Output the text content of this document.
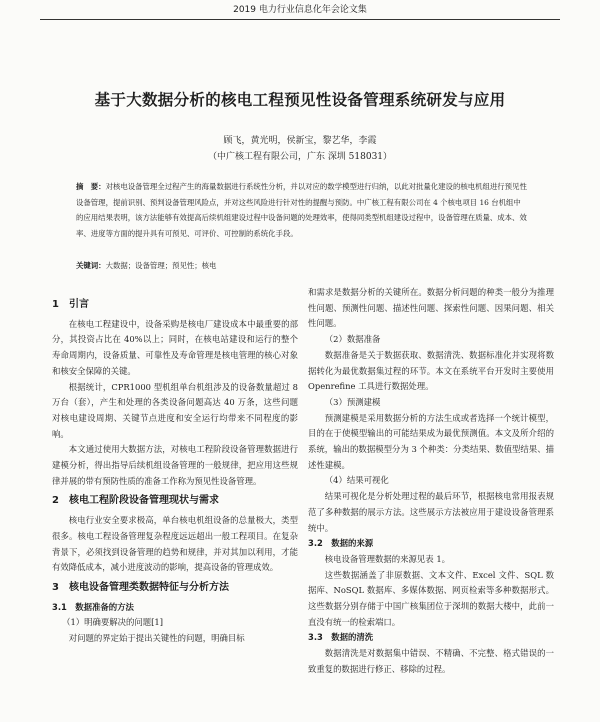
2019 电力行业信息化年会论文集
基于大数据分析的核电工程预见性设备管理系统研发与应用
顾飞，黄光明，侯新宝，黎艺华，李霞
（中广核工程有限公司，广东 深圳 518031）
摘　要：对核电设备管理全过程产生的海量数据进行系统性分析，并以对应的数学模型进行归纳，以此对批量化建设的核电机组进行预见性设备管理，提前识别、预判设备管理风险点，并对这些风险进行针对性的提醒与预防。中广核工程有限公司在 4 个核电项目 16 台机组中的应用结果表明，该方法能够有效提高后续机组建设过程中设备问题的处理效率，使得同类型机组建设过程中，设备管理在质量、成本、效率、进度等方面的提升具有可预见、可评价、可控制的系统化手段。
关键词：大数据；设备管理；预见性；核电
1　引言

在核电工程建设中，设备采购是核电厂建设成本中最重要的部分，其投资占比在 40%以上；同时，在核电站建设和运行的整个寿命周期内，设备质量、可靠性及寿命管理是核电管理的核心对象和核安全保障的关键。

根据统计，CPR1000 型机组单台机组涉及的设备数量超过 8 万台（套），产生和处理的各类设备问题高达 40 万条，这些问题对核电建设周期、关键节点进度和安全运行均带来不同程度的影响。

本文通过使用大数据方法，对核电工程阶段设备管理数据进行建模分析，得出指导后续机组设备管理的一般规律，把应用这些规律并展的带有预防性质的准备工作称为预见性设备管理。

2　核电工程阶段设备管理现状与需求

核电行业安全要求极高，单台核电机组设备的总量极大，类型很多。核电工程设备管理复杂程度远远超出一般工程项目。在复杂背景下，必须找到设备管理的趋势和规律，并对其加以利用，才能有效降低成本，减小进度波动的影响，提高设备的管理成效。

3　核电设备管理类数据特征与分析方法
3.1　数据准备的方法

（1）明确要解决的问题[1]

对问题的界定始于提出关键性的问题，明确目标

和需求是数据分析的关键所在。数据分析问题的种类一般分为推理性问题、预测性问题、描述性问题、探索性问题、因果问题、相关性问题。

（2）数据准备

数据准备是关于数据获取、数据清洗、数据标准化并实现将数据转化为最优数据集过程的环节。本文在系统平台开发时主要使用 Openrefine 工具进行数据处理。

（3）预测建模

预测建模是采用数据分析的方法生成或者选择一个统计模型，目的在于使模型输出的可能结果成为最优预测值。本文及所介绍的系统，输出的数据模型分为 3 个种类：分类结果、数值型结果、描述性建模。

（4）结果可视化

结果可视化是分析处理过程的最后环节，根据核电常用报表规范了多种数据的展示方法。这些展示方法被应用于建设设备管理系统中。

3.2　数据的来源

核电设备管理数据的来源见表 1。

这些数据涵盖了非原数据、文本文件、Excel 文件、SQL 数据库、NoSQL 数据库、多媒体数据、网页检索等多种数据形式。这些数据分别存储于中国广核集团位于深圳的数据大楼中，此前一直没有统一的检索端口。

3.3　数据的清洗

数据清洗是对数据集中错误、不精确、不完整、格式错误的一致重复的数据进行修正、移除的过程。
